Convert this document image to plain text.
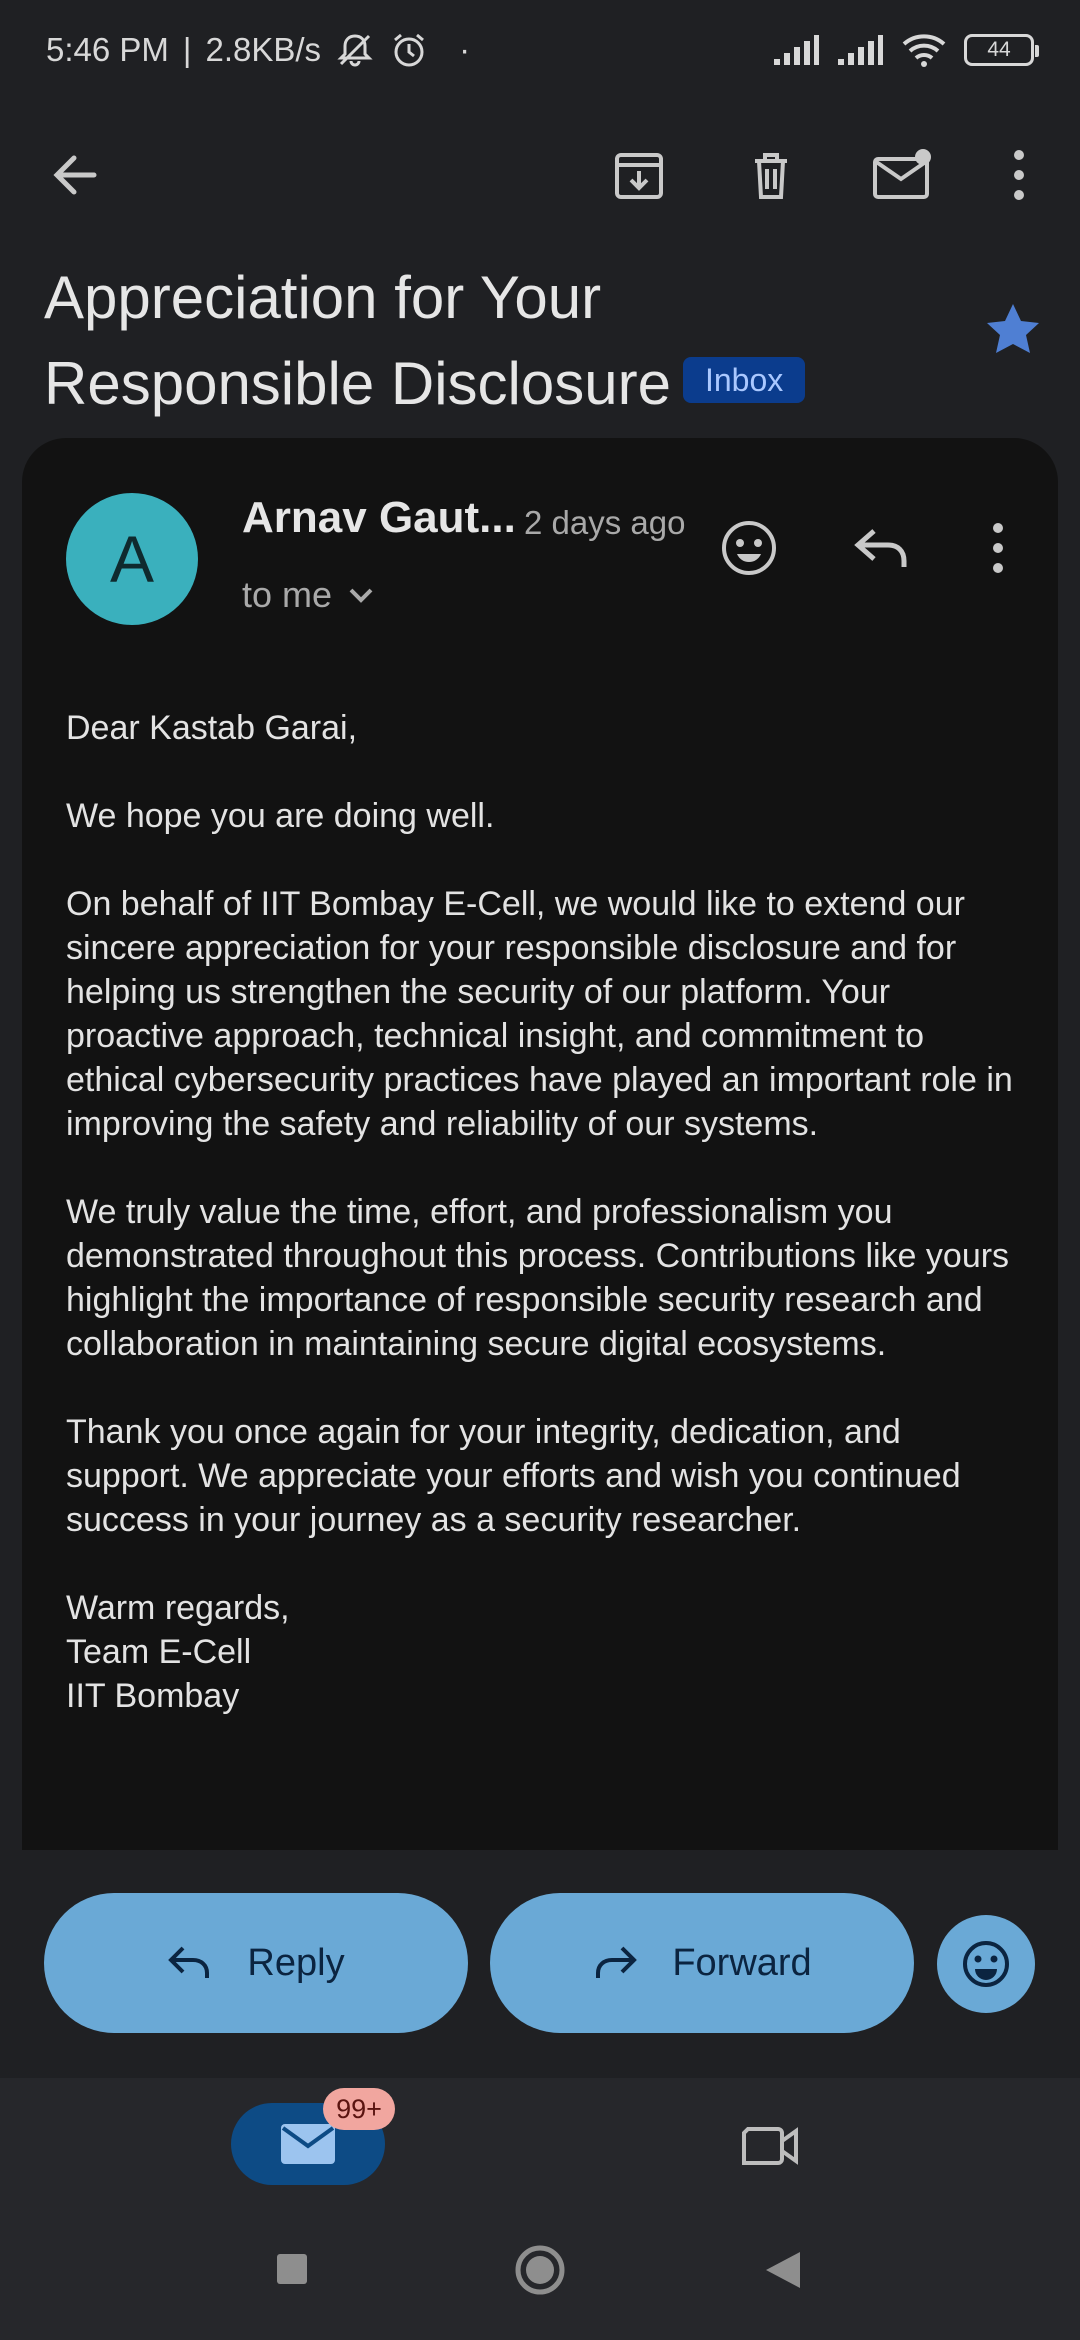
5:46 PM | 2.8KB/s	·	44
Appreciation for Your Responsible Disclosure Inbox
A
Arnav Gaut... 2 days ago
to me

Dear Kastab Garai,

We hope you are doing well.

On behalf of IIT Bombay E-Cell, we would like to extend our sincere appreciation for your responsible disclosure and for helping us strengthen the security of our platform. Your proactive approach, technical insight, and commitment to ethical cybersecurity practices have played an important role in improving the safety and reliability of our systems.

We truly value the time, effort, and professionalism you demonstrated throughout this process. Contributions like yours highlight the importance of responsible security research and collaboration in maintaining secure digital ecosystems.

Thank you once again for your integrity, dedication, and support. We appreciate your efforts and wish you continued success in your journey as a security researcher.

Warm regards,
Team E-Cell
IIT Bombay
Reply	Forward
99+
